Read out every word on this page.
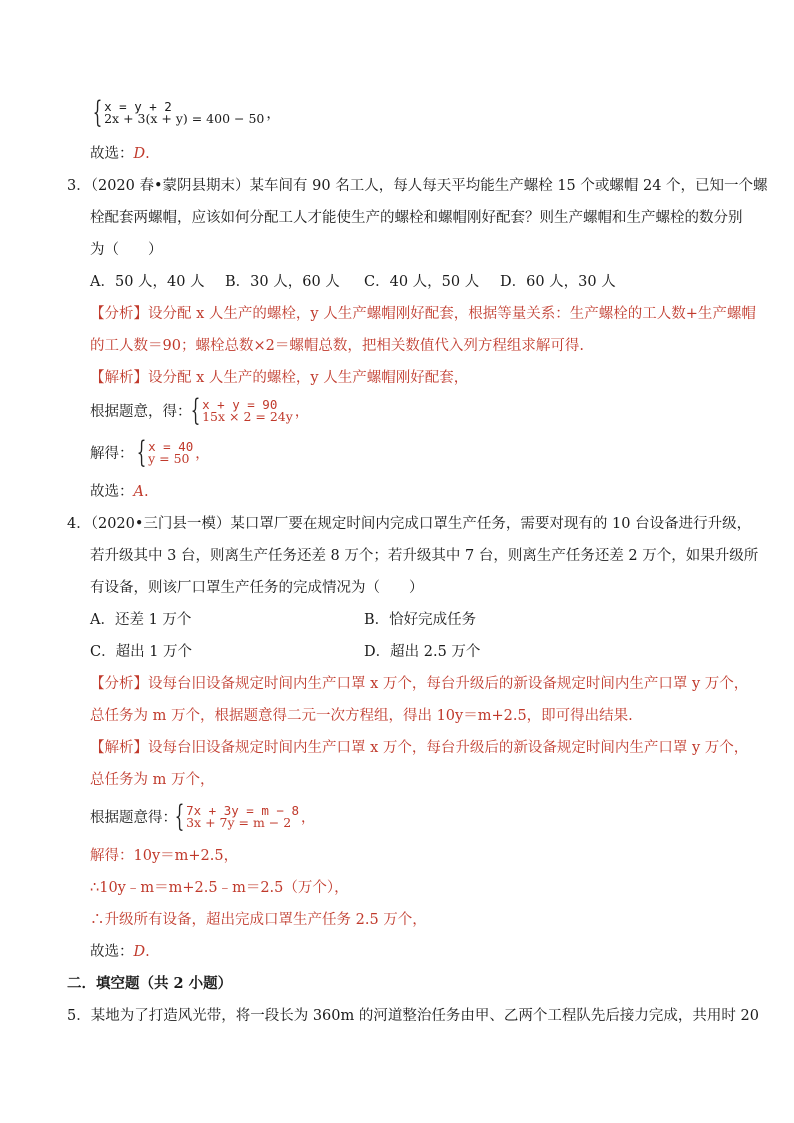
{ x = y + 2
2x + 3(x + y) = 400 − 50 ，
故选：D.
3．（2020 春•蒙阴县期末）某车间有 90 名工人，每人每天平均能生产螺栓 15 个或螺帽 24 个，已知一个螺
栓配套两螺帽，应该如何分配工人才能使生产的螺栓和螺帽刚好配套？则生产螺帽和生产螺栓的数分别
为（　　）
A．50 人，40 人 B．30 人，60 人 C．40 人，50 人 D．60 人，30 人
【分析】设分配 x 人生产的螺栓，y 人生产螺帽刚好配套，根据等量关系：生产螺栓的工人数+生产螺帽
的工人数＝90；螺栓总数×2＝螺帽总数，把相关数值代入列方程组求解可得.
【解析】设分配 x 人生产的螺栓，y 人生产螺帽刚好配套，
根据题意，得： { x + y = 90
15x × 2 = 24y ，
解得： { x = 40
y = 50 ，
故选：A.
4．（2020•三门县一模）某口罩厂要在规定时间内完成口罩生产任务，需要对现有的 10 台设备进行升级，
若升级其中 3 台，则离生产任务还差 8 万个；若升级其中 7 台，则离生产任务还差 2 万个，如果升级所
有设备，则该厂口罩生产任务的完成情况为（　　）
A．还差 1 万个	B．恰好完成任务
C．超出 1 万个	D．超出 2.5 万个
【分析】设每台旧设备规定时间内生产口罩 x 万个，每台升级后的新设备规定时间内生产口罩 y 万个，
总任务为 m 万个，根据题意得二元一次方程组，得出 10y＝m+2.5，即可得出结果.
【解析】设每台旧设备规定时间内生产口罩 x 万个，每台升级后的新设备规定时间内生产口罩 y 万个，
总任务为 m 万个，
根据题意得：
{ 7x + 3y = m − 8
3x + 7y = m − 2 ，
解得：10y＝m+2.5，
∴10y﹣m＝m+2.5﹣m＝2.5（万个），
∴升级所有设备，超出完成口罩生产任务 2.5 万个，
故选：D.
二．填空题（共 2 小题）
5．某地为了打造风光带，将一段长为 360m 的河道整治任务由甲、乙两个工程队先后接力完成，共用时 20
